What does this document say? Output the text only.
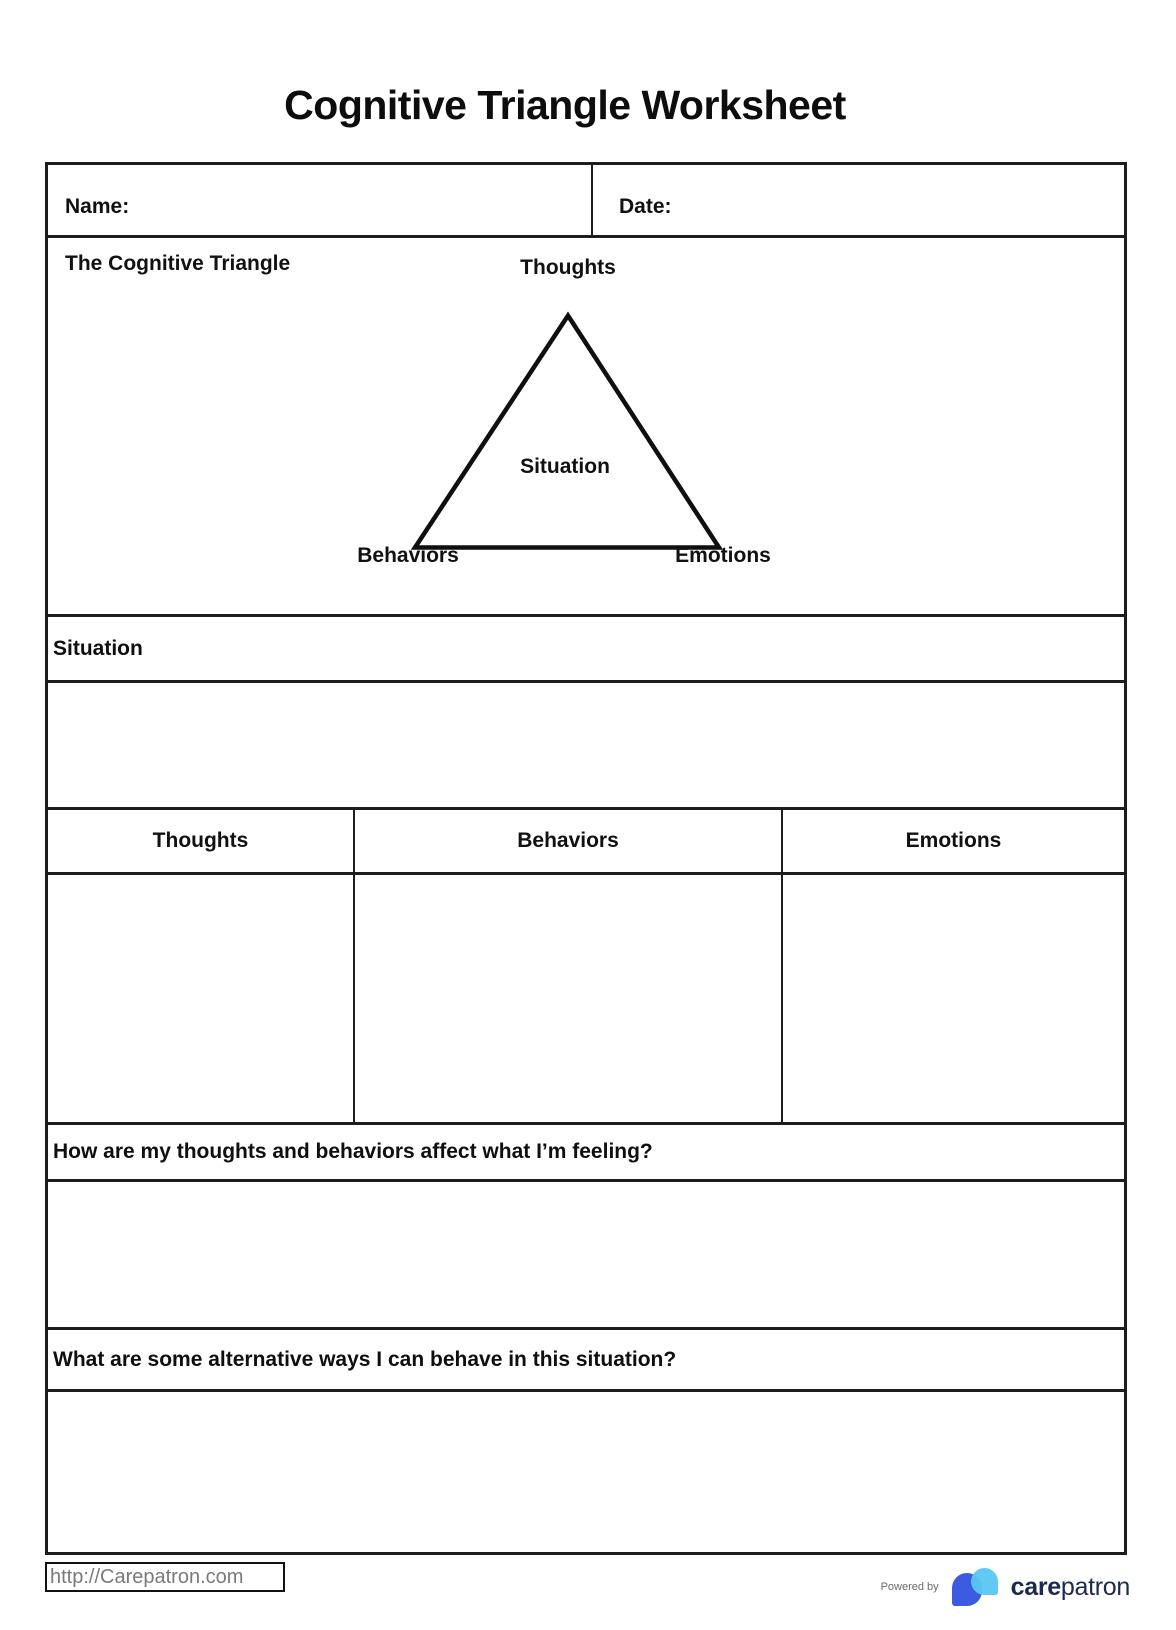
Cognitive Triangle Worksheet
Name:	Date:
The Cognitive Triangle	Thoughts
Situation
Behaviors	Emotions
Situation
Thoughts	Behaviors	Emotions
How are my thoughts and behaviors affect what I’m feeling?
What are some alternative ways I can behave in this situation?
http://Carepatron.com	Powered by	carepatron
